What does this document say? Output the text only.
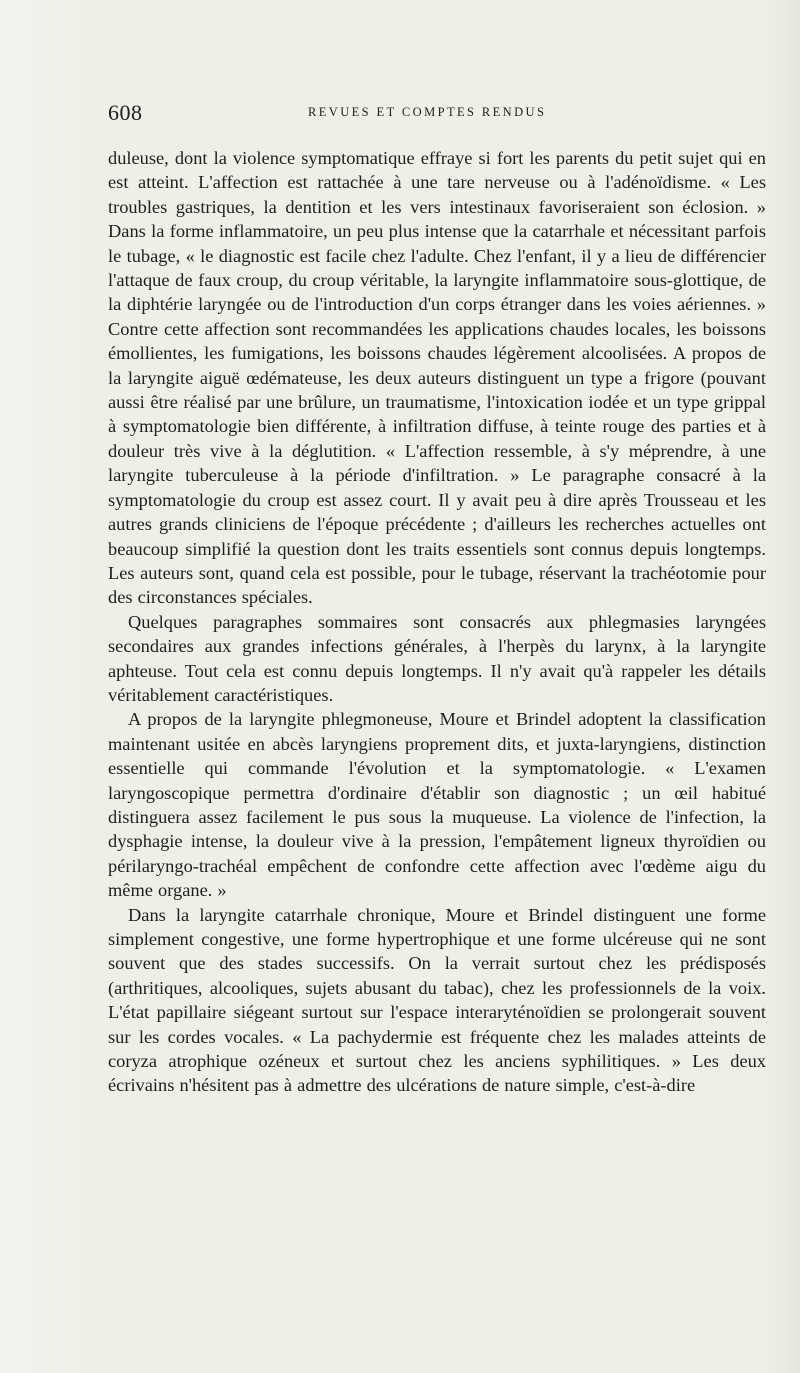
608	REVUES ET COMPTES RENDUS

duleuse, dont la violence symptomatique effraye si fort les parents du petit sujet qui en est atteint. L'affection est rattachée à une tare nerveuse ou à l'adénoïdisme. « Les troubles gastriques, la dentition et les vers intestinaux favoriseraient son éclosion. » Dans la forme inflammatoire, un peu plus intense que la catarrhale et nécessitant parfois le tubage, « le diagnostic est facile chez l'adulte. Chez l'enfant, il y a lieu de différencier l'attaque de faux croup, du croup véritable, la laryngite inflammatoire sous-glottique, de la diphtérie laryngée ou de l'introduction d'un corps étranger dans les voies aériennes. » Contre cette affection sont recommandées les applications chaudes locales, les boissons émollientes, les fumigations, les boissons chaudes légèrement alcoolisées. A propos de la laryngite aiguë œdémateuse, les deux auteurs distinguent un type a frigore (pouvant aussi être réalisé par une brûlure, un traumatisme, l'intoxication iodée et un type grippal à symptomatologie bien différente, à infiltration diffuse, à teinte rouge des parties et à douleur très vive à la déglutition. « L'affection ressemble, à s'y méprendre, à une laryngite tuberculeuse à la période d'infiltration. » Le paragraphe consacré à la symptomatologie du croup est assez court. Il y avait peu à dire après Trousseau et les autres grands cliniciens de l'époque précédente ; d'ailleurs les recherches actuelles ont beaucoup simplifié la question dont les traits essentiels sont connus depuis longtemps. Les auteurs sont, quand cela est possible, pour le tubage, réservant la trachéotomie pour des circonstances spéciales.

Quelques paragraphes sommaires sont consacrés aux phlegmasies laryngées secondaires aux grandes infections générales, à l'herpès du larynx, à la laryngite aphteuse. Tout cela est connu depuis longtemps. Il n'y avait qu'à rappeler les détails véritablement caractéristiques.

A propos de la laryngite phlegmoneuse, Moure et Brindel adoptent la classification maintenant usitée en abcès laryngiens proprement dits, et juxta-laryngiens, distinction essentielle qui commande l'évolution et la symptomatologie. « L'examen laryngoscopique permettra d'ordinaire d'établir son diagnostic ; un œil habitué distinguera assez facilement le pus sous la muqueuse. La violence de l'infection, la dysphagie intense, la douleur vive à la pression, l'empâtement ligneux thyroïdien ou périlaryngo-trachéal empêchent de confondre cette affection avec l'œdème aigu du même organe. »

Dans la laryngite catarrhale chronique, Moure et Brindel distinguent une forme simplement congestive, une forme hypertrophique et une forme ulcéreuse qui ne sont souvent que des stades successifs. On la verrait surtout chez les prédisposés (arthritiques, alcooliques, sujets abusant du tabac), chez les professionnels de la voix. L'état papillaire siégeant surtout sur l'espace interaryténoïdien se prolongerait souvent sur les cordes vocales. « La pachydermie est fréquente chez les malades atteints de coryza atrophique ozéneux et surtout chez les anciens syphilitiques. » Les deux écrivains n'hésitent pas à admettre des ulcérations de nature simple, c'est-à-dire
